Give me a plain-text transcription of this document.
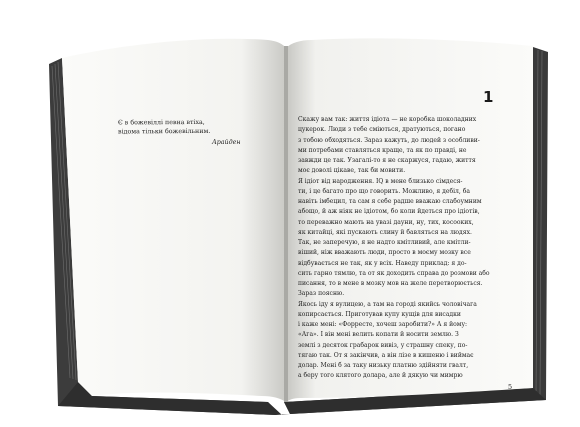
Є в божевіллі певна втіха,
відома тільки божевільним.
Арайден
1
Скажу вам так: життя ідіота — не коробка шоколадних
цукерок. Люди з тебе сміються, дратуються, погано
з тобою обходяться. Зараз кажуть, до людей з особливи-
ми потребами ставляться краще, та як по правді, не
завжди це так. Узагалі-то я не скаржуся, гадаю, життя
моє доволі цікаве, так би мовити.
Я ідіот від народження. IQ в мене близько сімдеся-
ти, і це багато про що говорить. Можливо, я дебіл, ба
навіть імбецил, та сам я себе радше вважаю слабоумним
абощо, й аж ніяк не ідіотом, бо коли йдеться про ідіотів,
то переважно мають на увазі дауни, ну, тих, косооких,
як китайці, які пускають слину й бавляться на людях.
Так, не заперечую, я не надто кмітливий, але кмітли-
віший, ніж вважають люди, просто в моєму мозку все
відбувається не так, як у всіх. Наведу приклад: я до-
сить гарно тямлю, та от як доходить справа до розмови або
писання, то в мене в мозку мов на желе перетворюється.
Зараз поясню.
Якось іду я вулицею, а там на городі якийсь чоловічага
копирсається. Приготував купу кущів для висадки
і каже мені: «Форресте, хочеш заробити?» А я йому:
«Ага». І він мені велить копати й носити землю. З
землі з десяток грабарок вивіз, у страшну спеку, по-
тягаю так. От я закінчив, а він лізе в кишеню і виймає
долар. Мені б за таку низьку платню здійняти гвалт,
а беру того клятого долара, але й дякую чи мимрю
5
